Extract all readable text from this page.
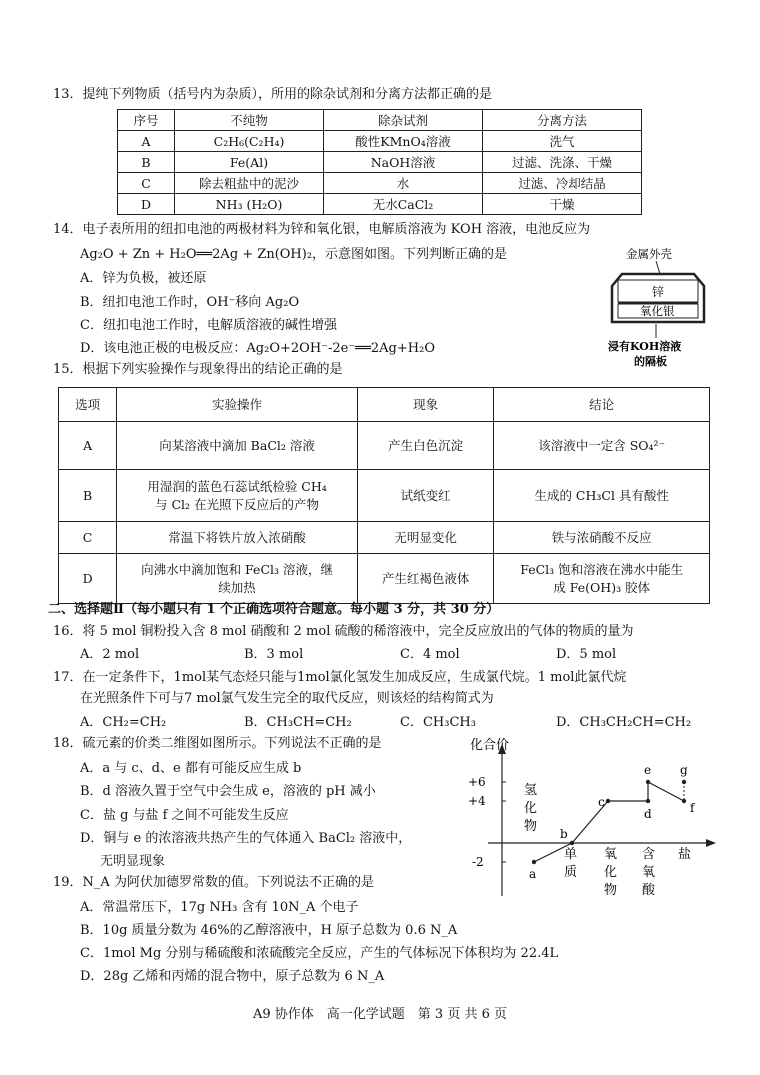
13．提纯下列物质（括号内为杂质），所用的除杂试剂和分离方法都正确的是
序号	不纯物	除杂试剂	分离方法
A	C₂H₆(C₂H₄)	酸性KMnO₄溶液	洗气
B	Fe(Al)	NaOH溶液	过滤、洗涤、干燥
C	除去粗盐中的泥沙	水	过滤、冷却结晶
D	NH₃ (H₂O)	无水CaCl₂	干燥
14．电子表所用的纽扣电池的两极材料为锌和氧化银，电解质溶液为 KOH 溶液，电池反应为
Ag₂O + Zn + H₂O══2Ag + Zn(OH)₂，示意图如图。下列判断正确的是
A．锌为负极，被还原
B．纽扣电池工作时，OH⁻移向 Ag₂O
C．纽扣电池工作时，电解质溶液的碱性增强
D．该电池正极的电极反应：Ag₂O+2OH⁻-2e⁻══2Ag+H₂O
金属外壳
锌
氧化银
浸有KOH溶液
的隔板
15．根据下列实验操作与现象得出的结论正确的是
选项	实验操作	现象	结论
A	向某溶液中滴加 BaCl₂ 溶液	产生白色沉淀	该溶液中一定含 SO₄²⁻
B	用湿润的蓝色石蕊试纸检验 CH₄
与 Cl₂ 在光照下反应后的产物	试纸变红	生成的 CH₃Cl 具有酸性
C	常温下将铁片放入浓硝酸	无明显变化	铁与浓硝酸不反应
D	向沸水中滴加饱和 FeCl₃ 溶液，继
续加热	产生红褐色液体	FeCl₃ 饱和溶液在沸水中能生
成 Fe(OH)₃ 胶体
二、选择题Ⅱ（每小题只有 1 个正确选项符合题意。每小题 3 分，共 30 分）
16．将 5 mol 铜粉投入含 8 mol 硝酸和 2 mol 硫酸的稀溶液中，完全反应放出的气体的物质的量为
A．2 mol	B．3 mol	C．4 mol	D．5 mol
17．在一定条件下，1mol某气态烃只能与1mol氯化氢发生加成反应，生成氯代烷。1 mol此氯代烷
在光照条件下可与7 mol氯气发生完全的取代反应，则该烃的结构简式为
A．CH₂=CH₂	B．CH₃CH=CH₂	C．CH₃CH₃	D．CH₃CH₂CH=CH₂
18．硫元素的价类二维图如图所示。下列说法不正确的是
A．a 与 c、d、e 都有可能反应生成 b
B．d 溶液久置于空气中会生成 e，溶液的 pH 减小
C．盐 g 与盐 f 之间不可能发生反应
D．铜与 e 的浓溶液共热产生的气体通入 BaCl₂ 溶液中，
无明显现象
化合价
+6
+4
-2
氢
化
物
单
质
氧
化
物
含
氧
酸
盐
a
b
c
d
e
f
g
19．N_A 为阿伏加德罗常数的值。下列说法不正确的是
A．常温常压下，17g NH₃ 含有 10N_A 个电子
B．10g 质量分数为 46%的乙醇溶液中，H 原子总数为 0.6 N_A
C．1mol Mg 分别与稀硫酸和浓硫酸完全反应，产生的气体标况下体积均为 22.4L
D．28g 乙烯和丙烯的混合物中，原子总数为 6 N_A
A9 协作体　高一化学试题　第 3 页 共 6 页
